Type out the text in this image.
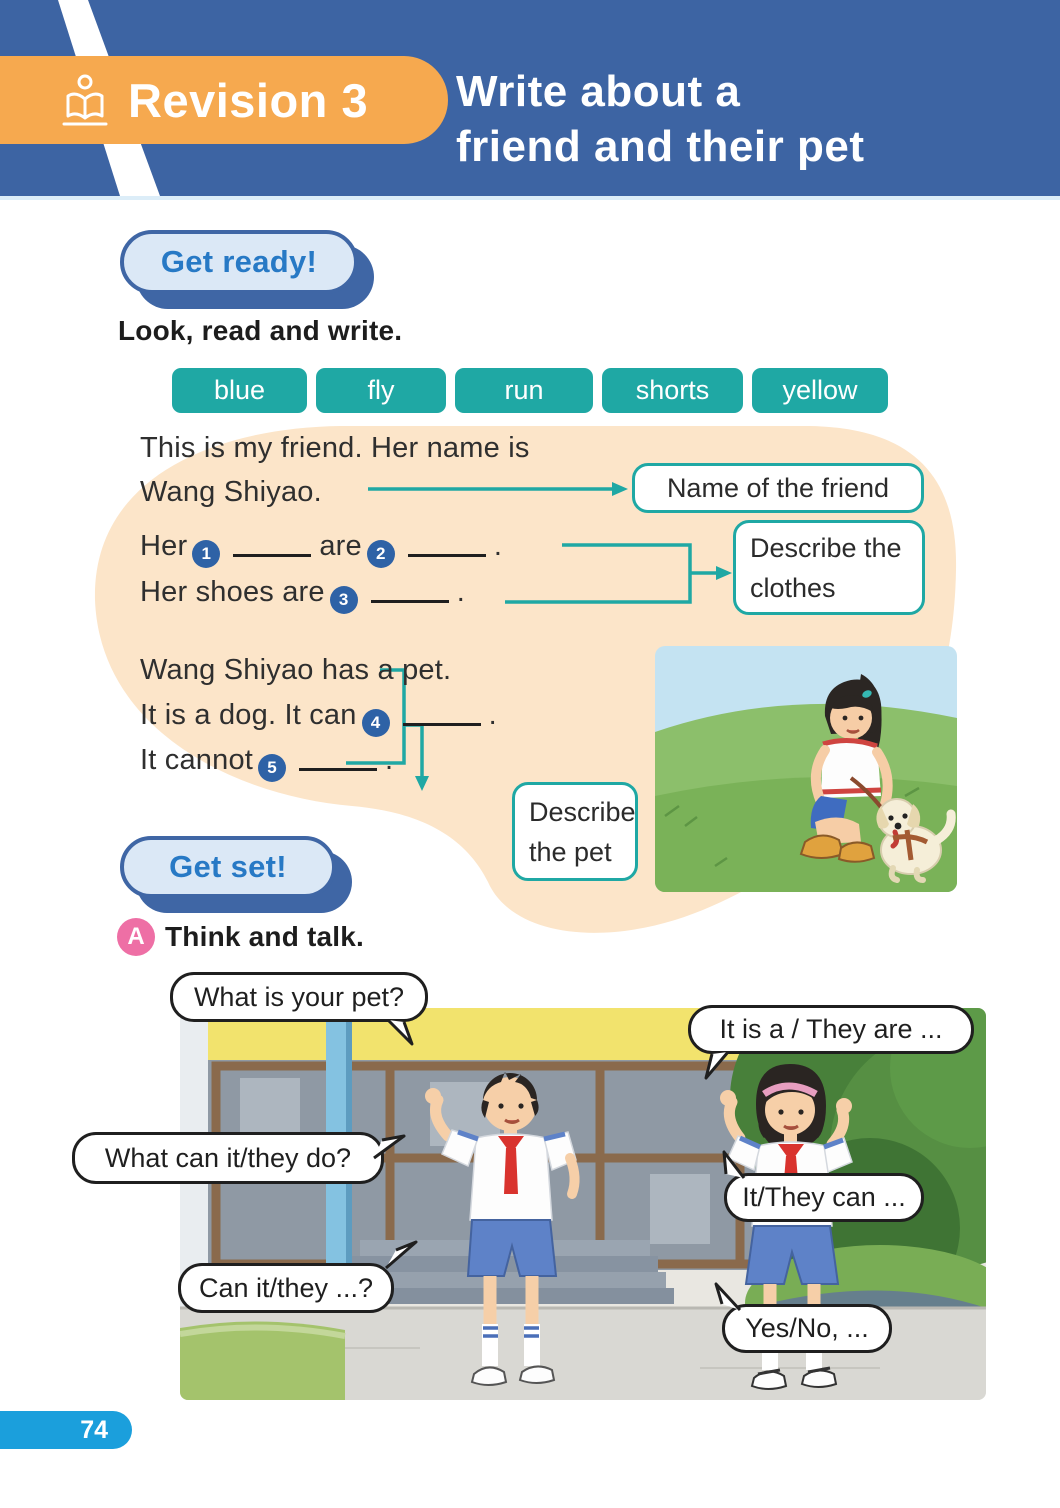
Revision 3 Write about a
friend and their pet
Get ready!
Look, read and write.
blue	fly	run	shorts	yellow
This is my friend. Her name is
Wang Shiyao.
Her 1	are 2	.
Her shoes are 3	.
Wang Shiyao has a pet.
It is a dog. It can 4	.
It cannot 5	.
Name of the friend
Describe the
clothes
Describe
the pet
Get set!
A Think and talk.
What is your pet?
It is a / They are ...
What can it/they do?
It/They can ...
Can it/they ...?
Yes/No, ...
74
